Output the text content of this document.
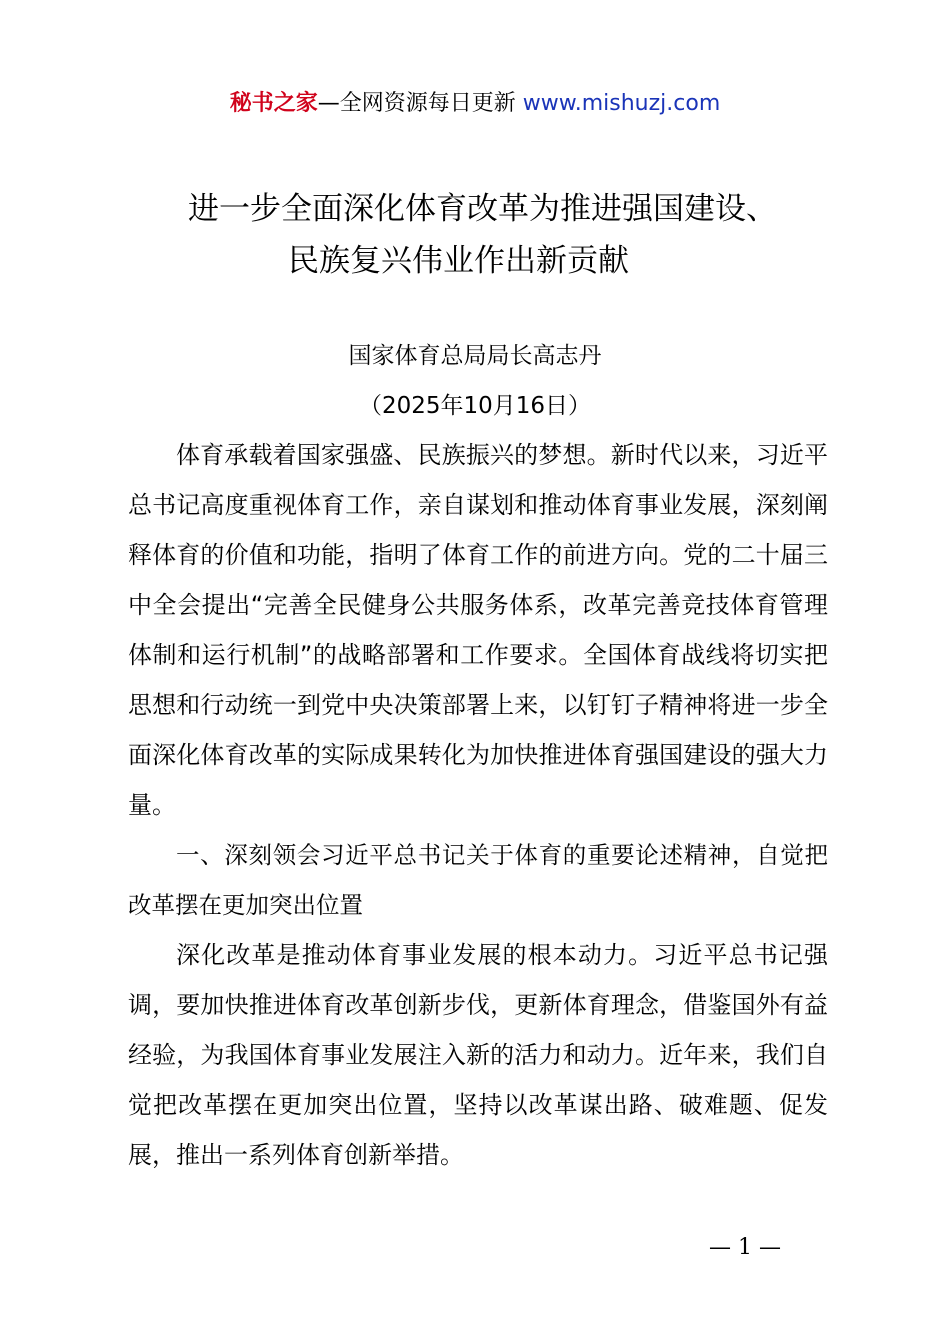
秘书之家—全网资源每日更新 www.mishuzj.com
进一步全面深化体育改革为推进强国建设、
民族复兴伟业作出新贡献
国家体育总局局长高志丹
（2025年10月16日）

体育承载着国家强盛、民族振兴的梦想。新时代以来，习近平总书记高度重视体育工作，亲自谋划和推动体育事业发展，深刻阐释体育的价值和功能，指明了体育工作的前进方向。党的二十届三中全会提出“完善全民健身公共服务体系，改革完善竞技体育管理体制和运行机制”的战略部署和工作要求。全国体育战线将切实把思想和行动统一到党中央决策部署上来，以钉钉子精神将进一步全面深化体育改革的实际成果转化为加快推进体育强国建设的强大力量。

一、深刻领会习近平总书记关于体育的重要论述精神，自觉把改革摆在更加突出位置

深化改革是推动体育事业发展的根本动力。习近平总书记强调，要加快推进体育改革创新步伐，更新体育理念，借鉴国外有益经验，为我国体育事业发展注入新的活力和动力。近年来，我们自觉把改革摆在更加突出位置，坚持以改革谋出路、破难题、促发展，推出一系列体育创新举措。

— 1 —
